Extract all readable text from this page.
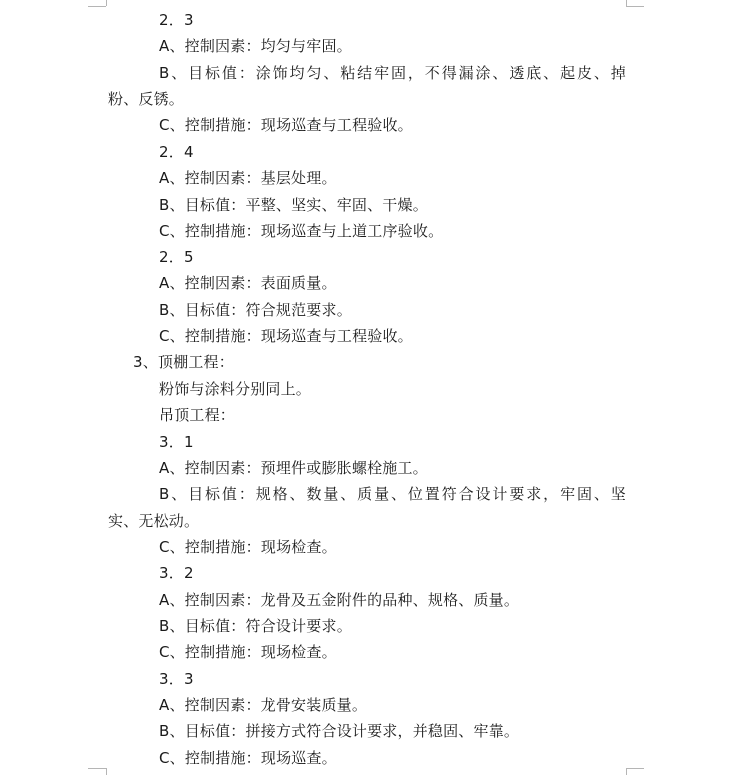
2．3
A、控制因素：均匀与牢固。
B、目标值：涂饰均匀、粘结牢固，不得漏涂、透底、起皮、掉
粉、反锈。
C、控制措施：现场巡查与工程验收。
2．4
A、控制因素：基层处理。
B、目标值：平整、坚实、牢固、干燥。
C、控制措施：现场巡查与上道工序验收。
2．5
A、控制因素：表面质量。
B、目标值：符合规范要求。
C、控制措施：现场巡查与工程验收。
3、顶棚工程：
粉饰与涂料分别同上。
吊顶工程：
3．1
A、控制因素：预埋件或膨胀螺栓施工。
B、目标值：规格、数量、质量、位置符合设计要求，牢固、坚
实、无松动。
C、控制措施：现场检查。
3．2
A、控制因素：龙骨及五金附件的品种、规格、质量。
B、目标值：符合设计要求。
C、控制措施：现场检查。
3．3
A、控制因素：龙骨安装质量。
B、目标值：拼接方式符合设计要求，并稳固、牢靠。
C、控制措施：现场巡查。
